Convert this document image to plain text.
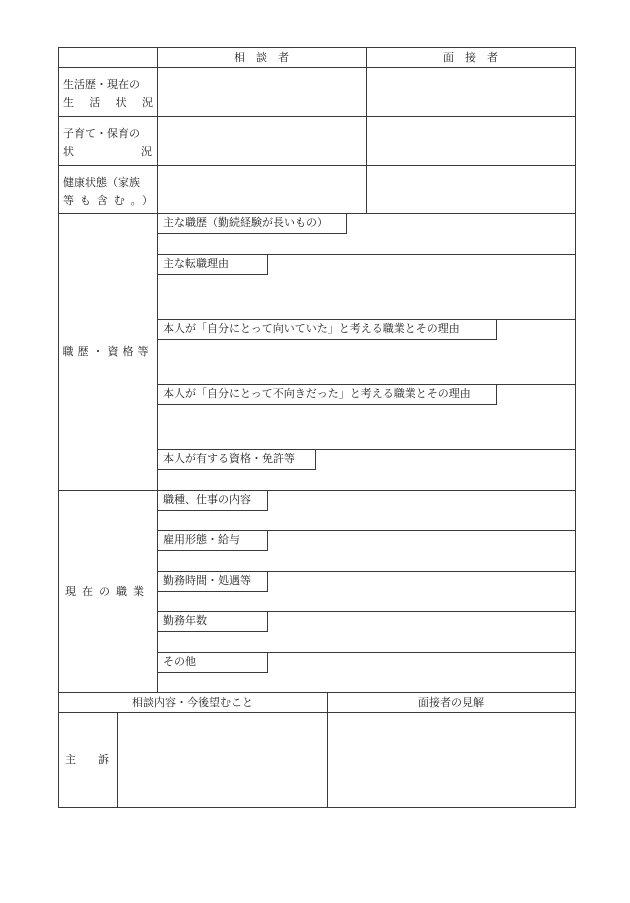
相　談　者	面　接　者
生活歴・現在の
生　活　状　況
子育て・保育の
状	況
健康状態（家族
等も含む。）
職歴・資格等
主な職歴（勤続経験が長いもの）
主な転職理由
本人が「自分にとって向いていた」と考える職業とその理由
本人が「自分にとって不向きだった」と考える職業とその理由
本人が有する資格・免許等
現在の職業
職種、仕事の内容
雇用形態・給与
勤務時間・処遇等
勤務年数
その他
相談内容・今後望むこと	面接者の見解
主　　訴
